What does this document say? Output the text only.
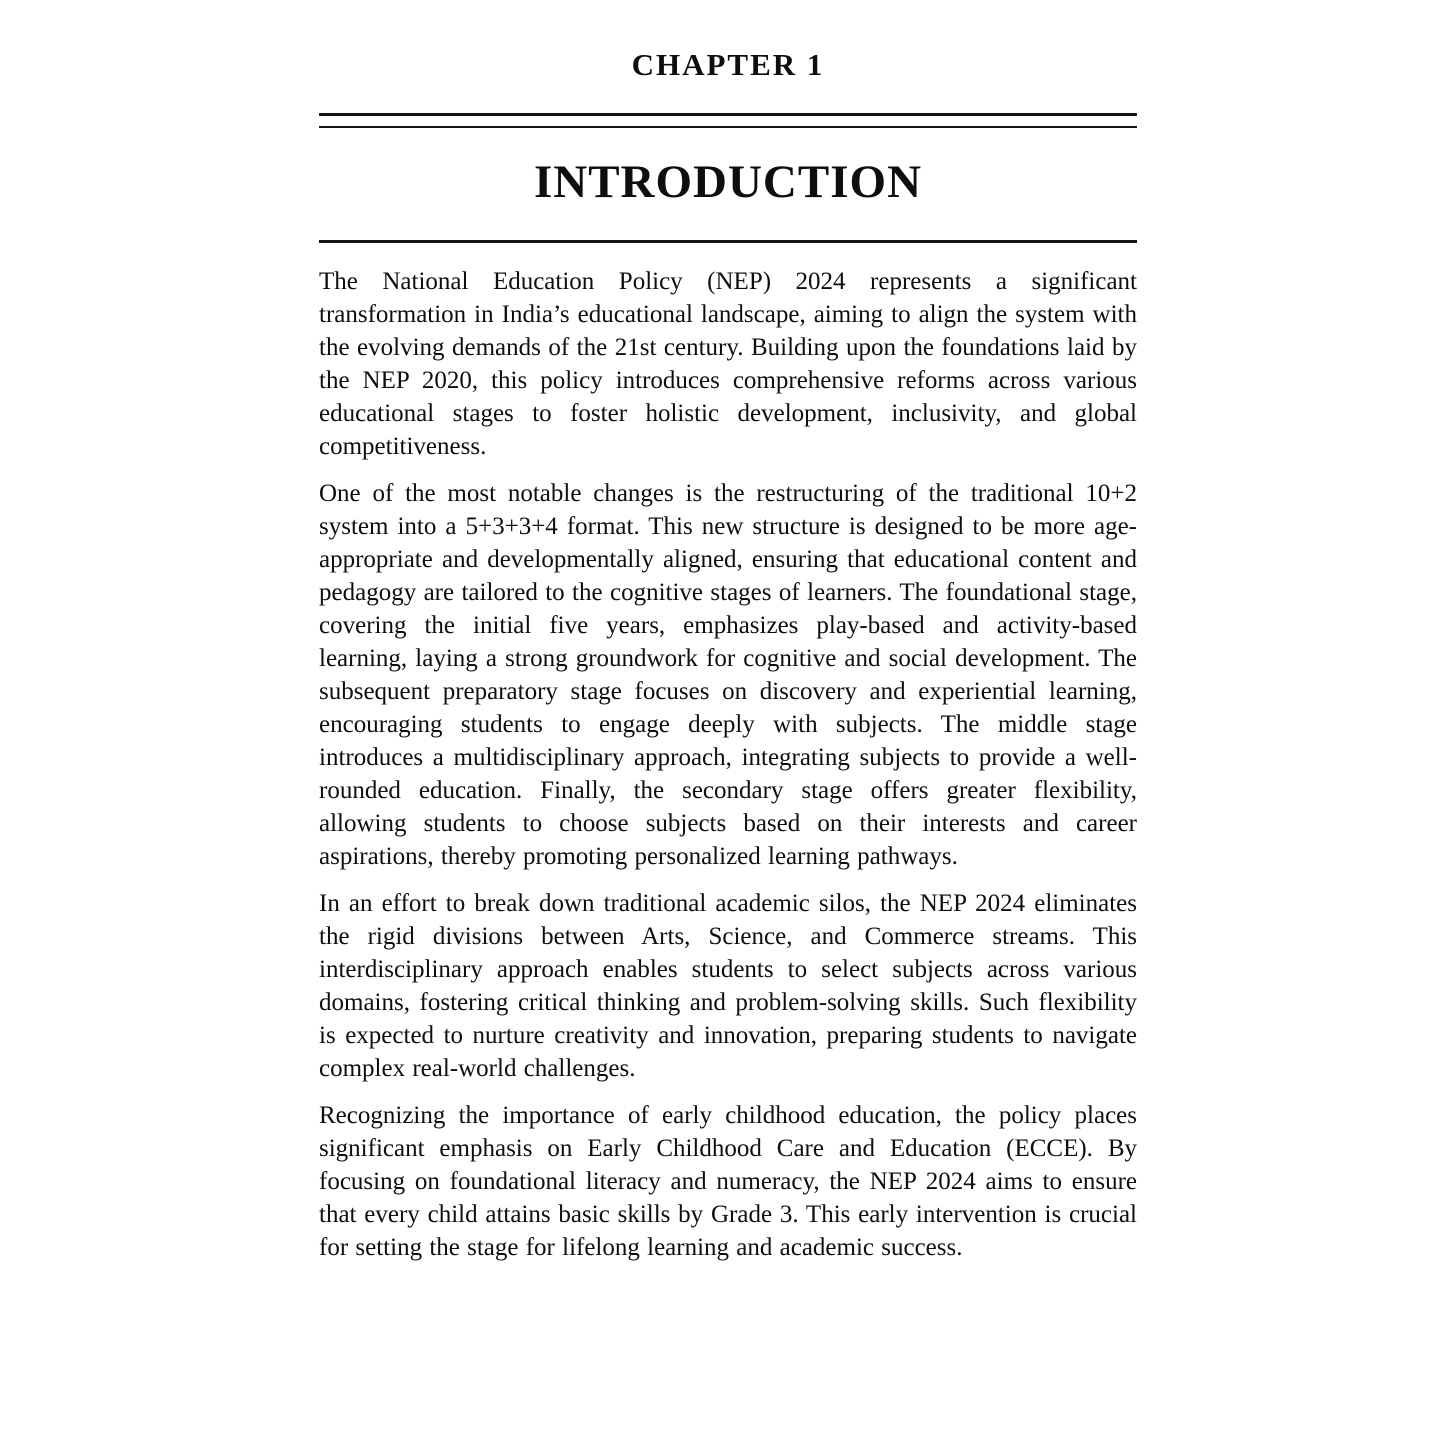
CHAPTER 1
INTRODUCTION

The National Education Policy (NEP) 2024 represents a significant transformation in India’s educational landscape, aiming to align the system with the evolving demands of the 21st century. Building upon the foundations laid by the NEP 2020, this policy introduces comprehensive reforms across various educational stages to foster holistic development, inclusivity, and global competitiveness.

One of the most notable changes is the restructuring of the traditional 10+2 system into a 5+3+3+4 format. This new structure is designed to be more age-appropriate and developmentally aligned, ensuring that educational content and pedagogy are tailored to the cognitive stages of learners. The foundational stage, covering the initial five years, emphasizes play-based and activity-based learning, laying a strong groundwork for cognitive and social development. The subsequent preparatory stage focuses on discovery and experiential learning, encouraging students to engage deeply with subjects. The middle stage introduces a multidisciplinary approach, integrating subjects to provide a well-rounded education. Finally, the secondary stage offers greater flexibility, allowing students to choose subjects based on their interests and career aspirations, thereby promoting personalized learning pathways.

In an effort to break down traditional academic silos, the NEP 2024 eliminates the rigid divisions between Arts, Science, and Commerce streams. This interdisciplinary approach enables students to select subjects across various domains, fostering critical thinking and problem-solving skills. Such flexibility is expected to nurture creativity and innovation, preparing students to navigate complex real-world challenges.

Recognizing the importance of early childhood education, the policy places significant emphasis on Early Childhood Care and Education (ECCE). By focusing on foundational literacy and numeracy, the NEP 2024 aims to ensure that every child attains basic skills by Grade 3. This early intervention is crucial for setting the stage for lifelong learning and academic success.
